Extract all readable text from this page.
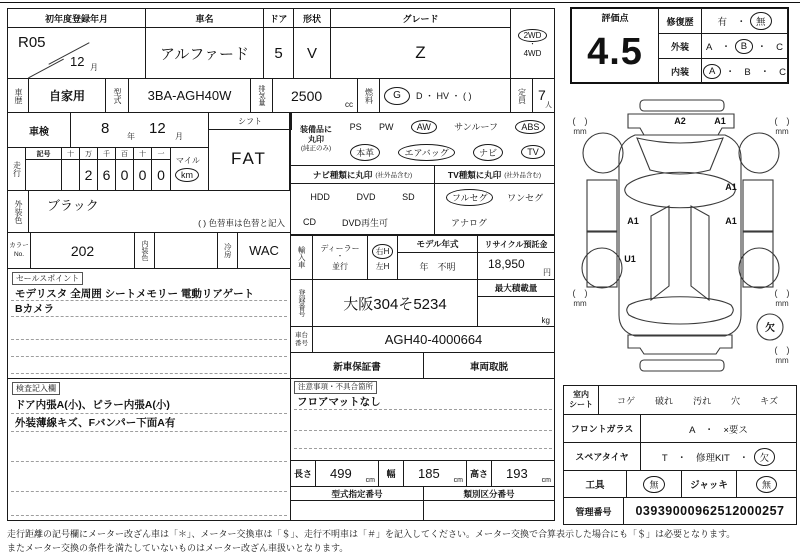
初年度登録年月	車名	ドア	形状	グレード
R05
12 月
アルファード	5	V	Z
2WD
・
4WD
車歴	自家用	型式	3BA-AGH40W	排気量	2500
cc
燃料	G	D ・ HV ・ ( )	定員 7
人
車検	8 年 12 月
走行
記号	十	万	千	百	十	一
2 6 0 0 0
マイル
km
シフト
FAT
装備品に
丸印
(純正のみ)
PS PW	AW	サンルーフ	ABS
本革	エアバッグ	ナビ	TV
ナビ種類に丸印 (社外品含む)
HDD	DVD	SD
CD	DVD再生可
TV種類に丸印 (社外品含む)
フルセグ	ワンセグ
アナログ
外装色	ブラック
( ) 色替車は色替と記入
カラー
No.	202	内装色	冷房	WAC
セールスポイント
モデリスタ 全周囲 シートメモリー 電動リアゲート
Bカメラ
検査記入欄
ドア内張A(小)、ピラー内張A(小)
外装薄線キズ、Fバンパー下面A有
輸入車	ディーラー
・
並行
右H
左H
モデル年式
年　不明
リサイクル預託金
18,950
円
登録番号	大阪304そ5234
最大積載量
kg
車台
番号	AGH40-4000664
新車保証書	車両取脱
注意事項・不具合箇所
フロアマットなし
長さ	499 cm
幅	185 cm
高さ	193 cm
型式指定番号	類別区分番号
評価点
4.5
修復歴	有　・	無
外装	A　・	B	・　C
内装	A	・　B　・　C
A2	A1
A1
A1	A1
U1
欠
(　)
mm
(　)
mm
(　)
mm
(　)
mm
(　)
mm
室内
シート	コゲ 破れ 汚れ 穴 キズ
フロントガラス	A　・　×要ス
スペアタイヤ	T　・　修理KIT　・	欠
工具	無	ジャッキ	無
管理番号	03939000962512000257
走行距離の記号欄にメーター改ざん車は「＊」、メーター交換車は「＄」、走行不明車は「＃」を記入してください。メーター交換で合算表示した場合にも「＄」は必要となります。
またメーター交換の条件を満たしていないものはメーター改ざん車扱いとなります。
